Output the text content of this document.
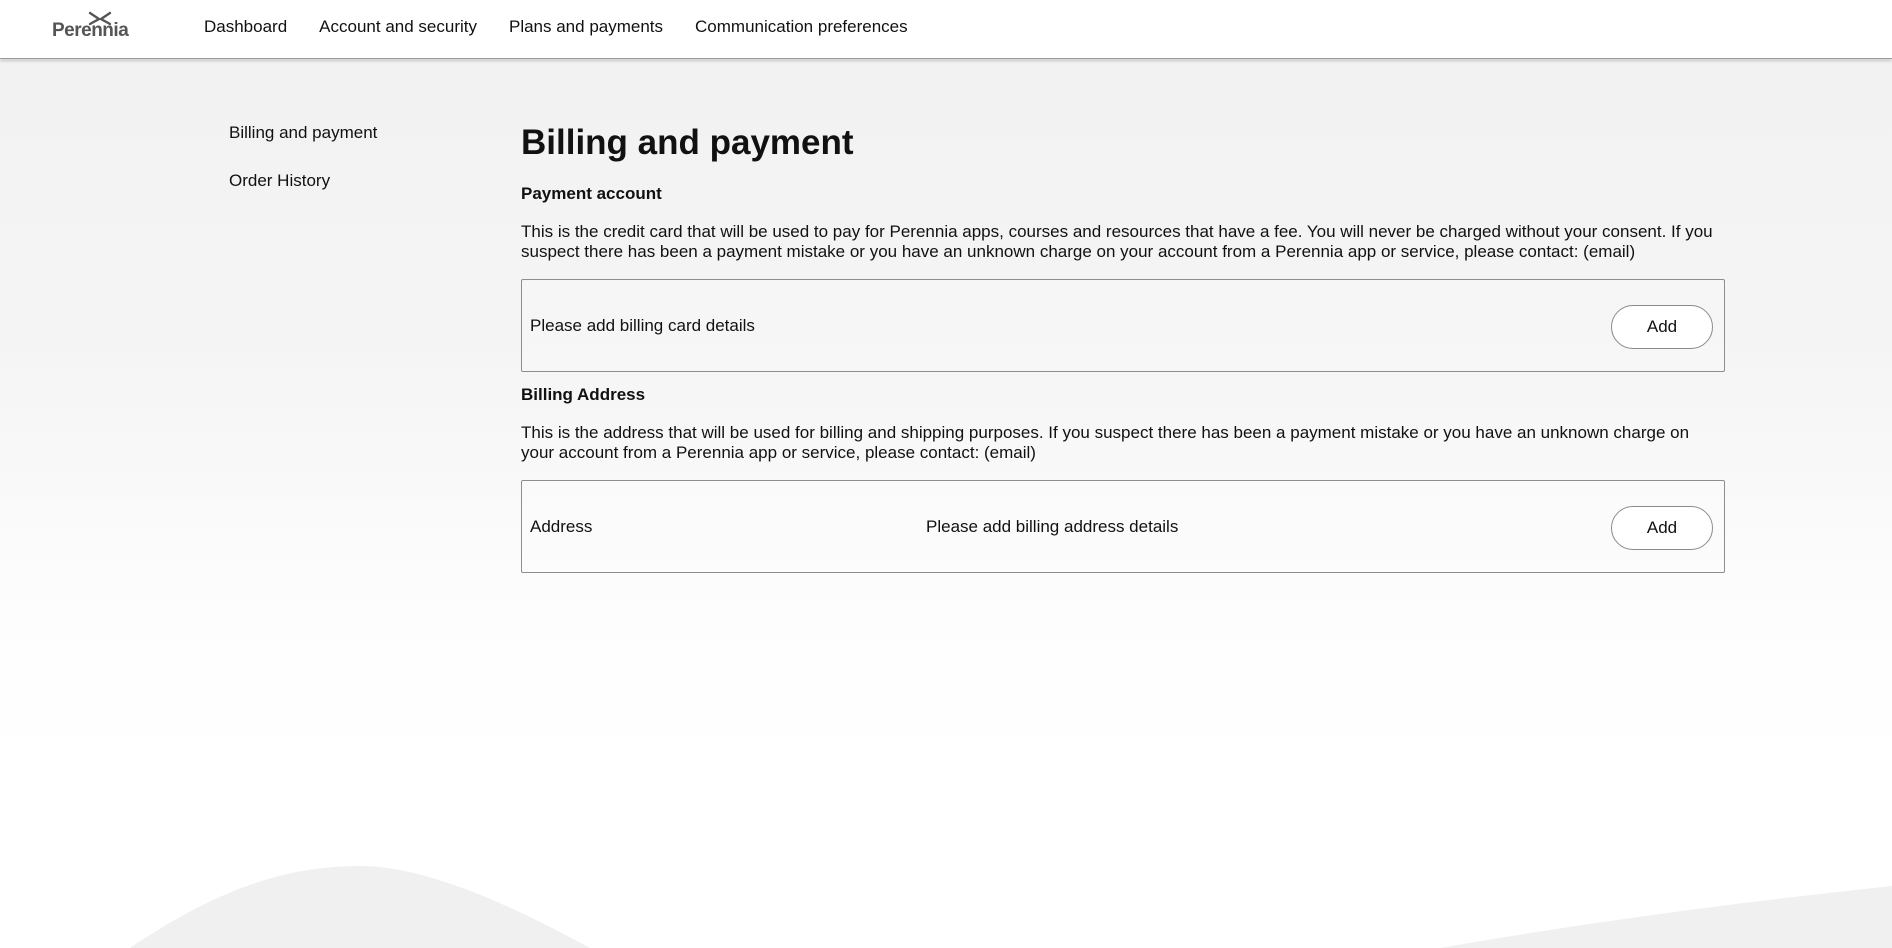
Perennia	Dashboard Account and security Plans and payments Communication preferences
Billing and payment
Order History
Billing and payment
Payment account

This is the credit card that will be used to pay for Perennia apps, courses and resources that have a fee. You will never be charged without your consent. If you suspect there has been a payment mistake or you have an unknown charge on your account from a Perennia app or service, please contact: (email)

Please add billing card details	Add
Billing Address

This is the address that will be used for billing and shipping purposes. If you suspect there has been a payment mistake or you have an unknown charge on your account from a Perennia app or service, please contact: (email)

Address	Please add billing address details	Add
